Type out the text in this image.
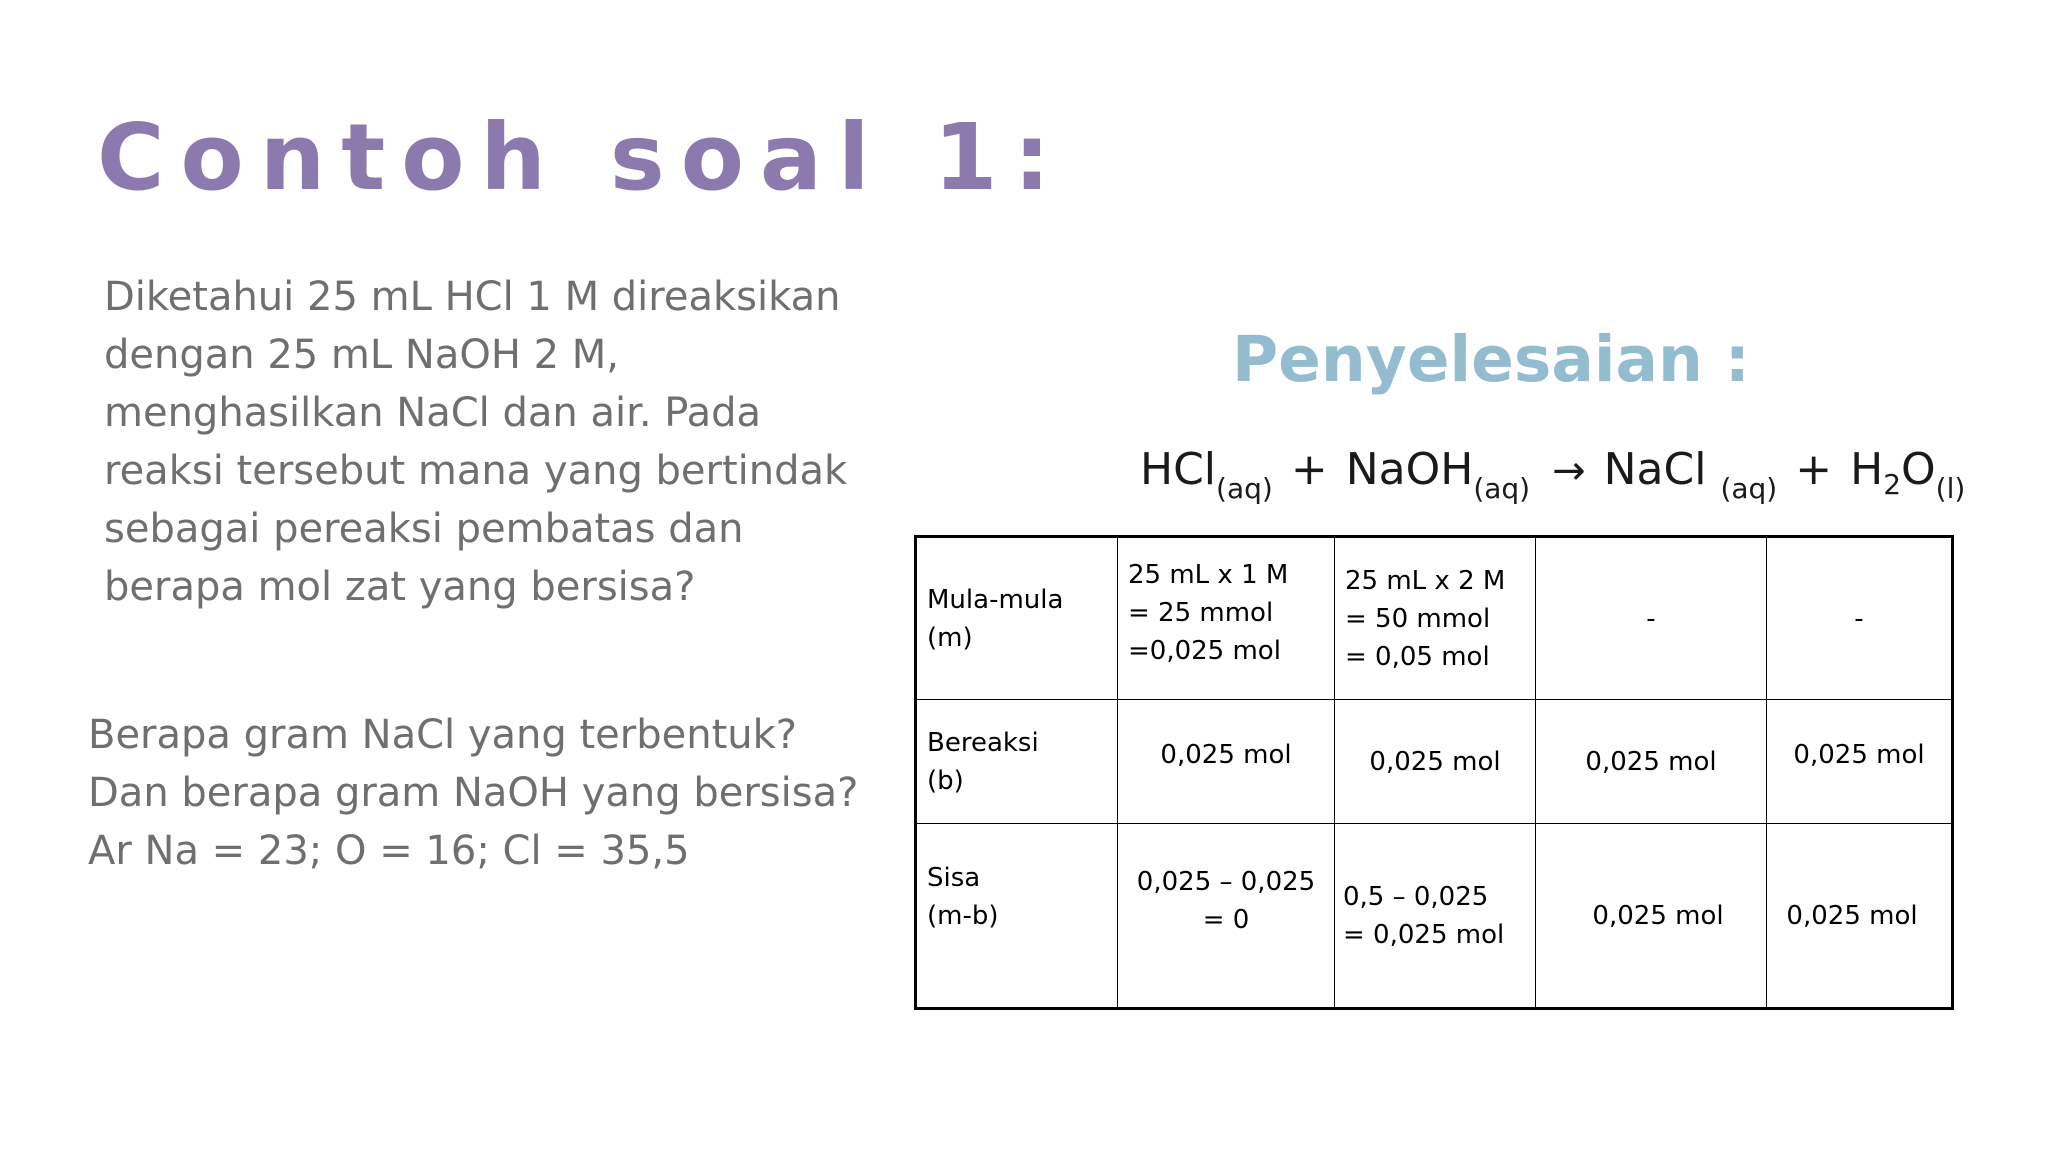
Contoh soal 1:
Diketahui 25 mL HCl 1 M direaksikan
dengan 25 mL NaOH 2 M,
menghasilkan NaCl dan air. Pada
reaksi tersebut mana yang bertindak
sebagai pereaksi pembatas dan
berapa mol zat yang bersisa?
Berapa gram NaCl yang terbentuk?
Dan berapa gram NaOH yang bersisa?
Ar Na = 23; O = 16; Cl = 35,5
Penyelesaian :
HCl$_{(aq)}$ + NaOH$_{(aq)}$ → NaCl $_{(aq)} + H_2O_{(l)}$
Mula-mula
(m)	25 mL x 1 M
= 25 mmol
=0,025 mol	25 mL x 2 M
= 50 mmol
= 0,05 mol	-	-

Bereaksi
(b)	0,025 mol	0,025 mol	0,025 mol	0,025 mol

Sisa
(m-b)	0,025 – 0,025
= 0	0,5 – 0,025
= 0,025 mol	0,025 mol	0,025 mol
